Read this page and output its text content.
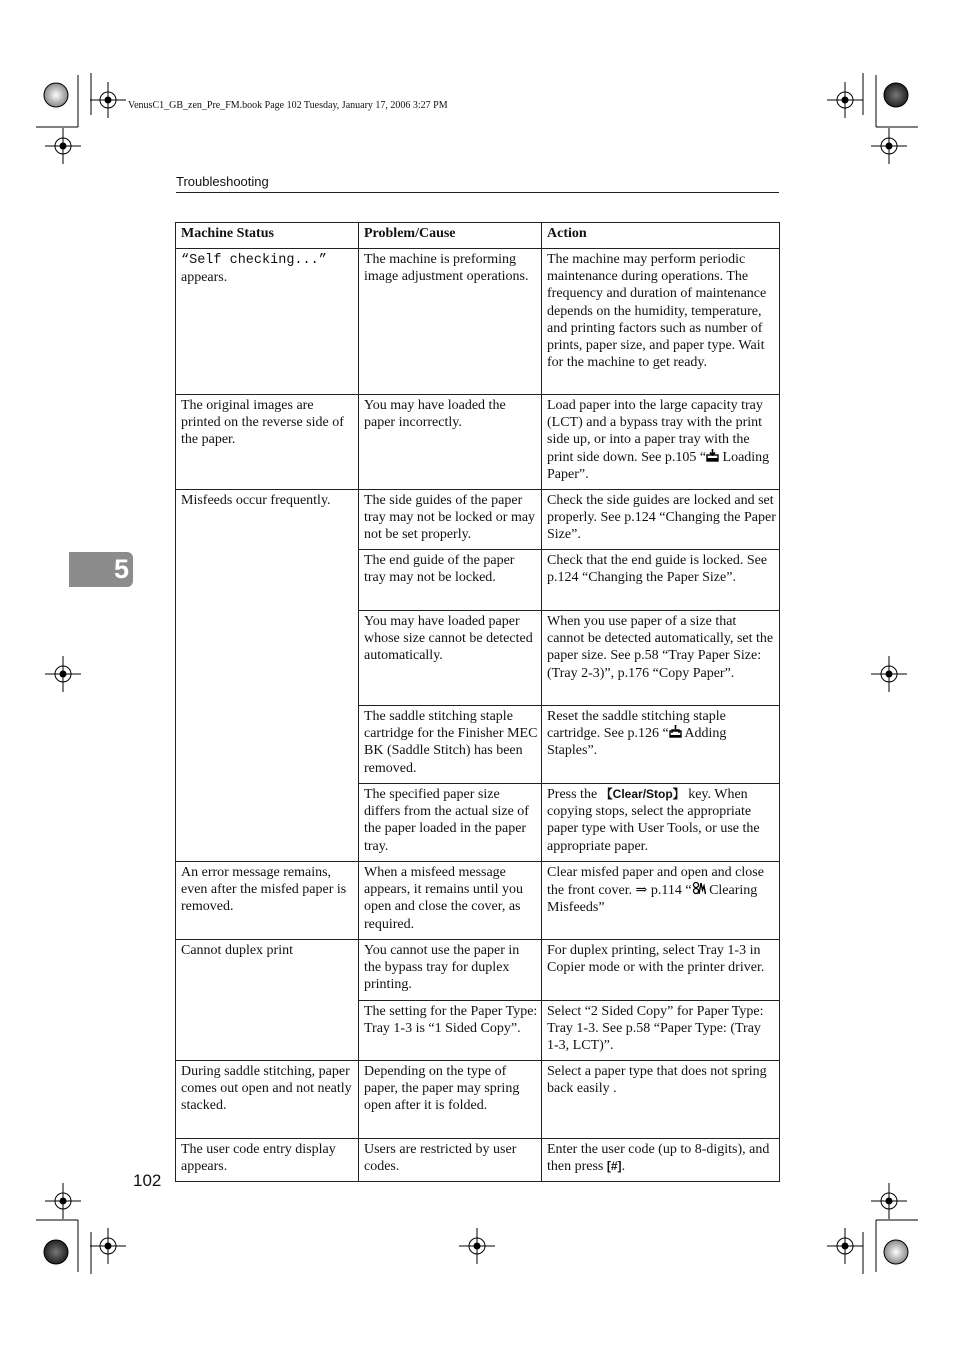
VenusC1_GB_zen_Pre_FM.book Page 102 Tuesday, January 17, 2006 3:27 PM
Troubleshooting
5
102
Machine Status	Problem/Cause	Action
“Self checking...”
appears.	The machine is preforming image adjustment operations.	The machine may perform periodic maintenance during operations. The frequency and duration of maintenance depends on the humidity, temperature, and printing factors such as number of prints, paper size, and paper type. Wait for the machine to get ready.
The original images are printed on the reverse side of the paper.	You may have loaded the paper incorrectly.	Load paper into the large capacity tray (LCT) and a bypass tray with the print side up, or into a paper tray with the print side down. See p.105 “ Loading Paper”.
Misfeeds occur frequently.	The side guides of the paper tray may not be locked or may not be set properly.	Check the side guides are locked and set properly. See p.124 “Changing the Paper Size”.
	The end guide of the paper tray may not be locked.	Check that the end guide is locked. See p.124 “Changing the Paper Size”.
	You may have loaded paper whose size cannot be detected automatically.	When you use paper of a size that cannot be detected automatically, set the paper size. See p.58 “Tray Paper Size: (Tray 2-3)”, p.176 “Copy Paper”.
	The saddle stitching staple cartridge for the Finisher MEC BK (Saddle Stitch) has been removed.	Reset the saddle stitching staple cartridge. See p.126 “ Adding Staples”.
	The specified paper size differs from the actual size of the paper loaded in the paper tray.	Press the 【Clear/Stop】 key. When copying stops, select the appropriate paper type with User Tools, or use the appropriate paper.
An error message remains, even after the misfed paper is removed.	When a misfeed message appears, it remains until you open and close the cover, as required.	Clear misfed paper and open and close the front cover. ⇒ p.114 “ Clearing Misfeeds”
Cannot duplex print	You cannot use the paper in the bypass tray for duplex printing.	For duplex printing, select Tray 1-3 in Copier mode or with the printer driver.
	The setting for the Paper Type: Tray 1-3 is “1 Sided Copy”.	Select “2 Sided Copy” for Paper Type: Tray 1-3. See p.58 “Paper Type: (Tray 1-3, LCT)”.
During saddle stitching, paper comes out open and not neatly stacked.	Depending on the type of paper, the paper may spring open after it is folded.	Select a paper type that does not spring back easily .
The user code entry display appears.	Users are restricted by user codes.	Enter the user code (up to 8-digits), and then press [#].
